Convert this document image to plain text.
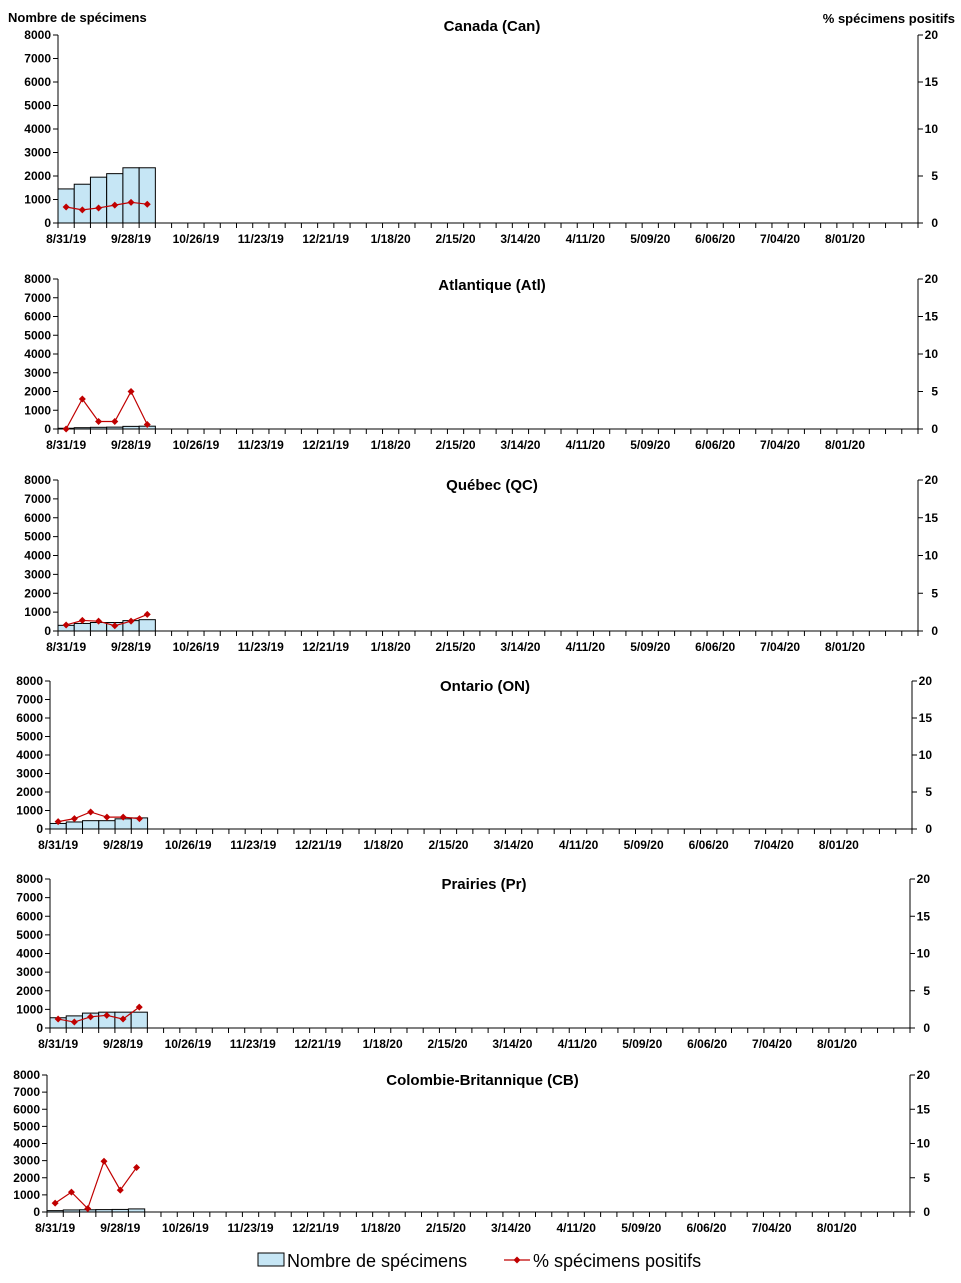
Canada (Can)
Nombre de spécimens	% spécimens positifs
0
1000
2000
3000
4000
5000
6000
7000
8000
0
5
10
15
20
8/31/19 9/28/19 10/26/19 11/23/19 12/21/19 1/18/20 2/15/20 3/14/20 4/11/20 5/09/20 6/06/20 7/04/20 8/01/20
Atlantique (Atl)
0
1000
2000
3000
4000
5000
6000
7000
8000
0
5
10
15
20
8/31/19 9/28/19 10/26/19 11/23/19 12/21/19 1/18/20 2/15/20 3/14/20 4/11/20 5/09/20 6/06/20 7/04/20 8/01/20
Québec (QC)
0
1000
2000
3000
4000
5000
6000
7000
8000
0
5
10
15
20
8/31/19 9/28/19 10/26/19 11/23/19 12/21/19 1/18/20 2/15/20 3/14/20 4/11/20 5/09/20 6/06/20 7/04/20 8/01/20
Ontario (ON)
0
1000
2000
3000
4000
5000
6000
7000
8000
0
5
10
15
20
8/31/19 9/28/19 10/26/19 11/23/19 12/21/19 1/18/20 2/15/20 3/14/20 4/11/20 5/09/20 6/06/20 7/04/20 8/01/20
Prairies (Pr)
0
1000
2000
3000
4000
5000
6000
7000
8000
0
5
10
15
20
8/31/19 9/28/19 10/26/19 11/23/19 12/21/19 1/18/20 2/15/20 3/14/20 4/11/20 5/09/20 6/06/20 7/04/20 8/01/20
Colombie-Britannique (CB)
0
1000
2000
3000
4000
5000
6000
7000
8000
0
5
10
15
20
8/31/19 9/28/19 10/26/19 11/23/19 12/21/19 1/18/20 2/15/20 3/14/20 4/11/20 5/09/20 6/06/20 7/04/20 8/01/20
Nombre de spécimens	% spécimens positifs
